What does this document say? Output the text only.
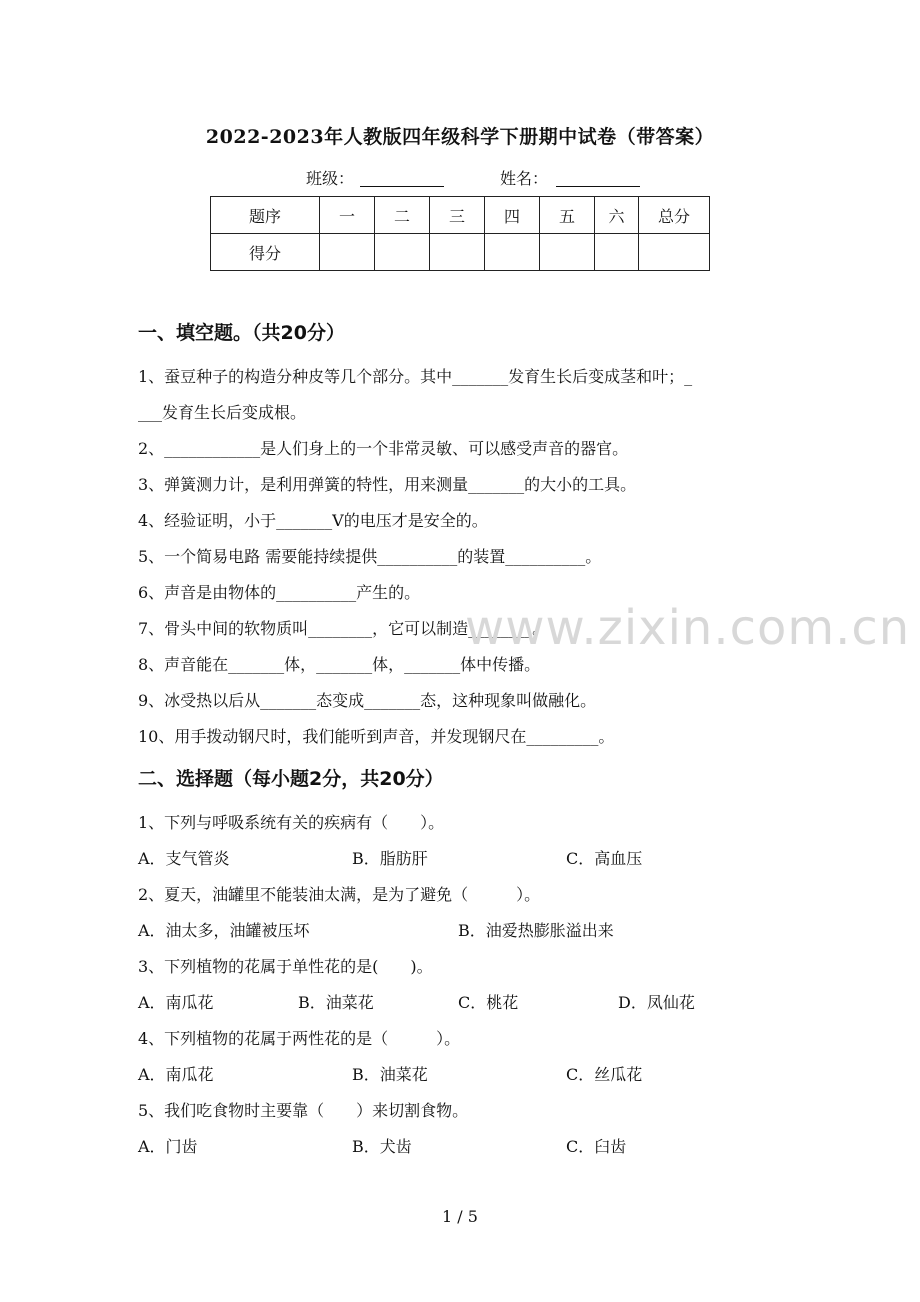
2022-2023年人教版四年级科学下册期中试卷（带答案）
班级：	姓名：
题序	一	二	三	四	五	六	总分
得分							
一、填空题。（共20分）
1、蚕豆种子的构造分种皮等几个部分。其中_______发育生长后变成茎和叶；_
___发育生长后变成根。
2、____________是人们身上的一个非常灵敏、可以感受声音的器官。
3、弹簧测力计，是利用弹簧的特性，用来测量_______的大小的工具。
4、经验证明，小于_______V的电压才是安全的。
5、一个简易电路 需要能持续提供__________的装置__________。
6、声音是由物体的__________产生的。
7、骨头中间的软物质叫________，它可以制造________。
8、声音能在_______体，_______体，_______体中传播。
9、冰受热以后从_______态变成_______态，这种现象叫做融化。
10、用手拨动钢尺时，我们能听到声音，并发现钢尺在_________。
二、选择题（每小题2分，共20分）
1、下列与呼吸系统有关的疾病有（　　）。
A．支气管炎	B．脂肪肝	C．高血压
2、夏天，油罐里不能装油太满，是为了避免（　　　）。
A．油太多，油罐被压坏	B．油爱热膨胀溢出来
3、下列植物的花属于单性花的是(　　)。
A．南瓜花	B．油菜花	C．桃花	D．凤仙花
4、下列植物的花属于两性花的是（　　　）。
A．南瓜花	B．油菜花	C．丝瓜花
5、我们吃食物时主要靠（　　）来切割食物。
A．门齿	B．犬齿	C．臼齿
www.zixin.com.cn
1 / 5
